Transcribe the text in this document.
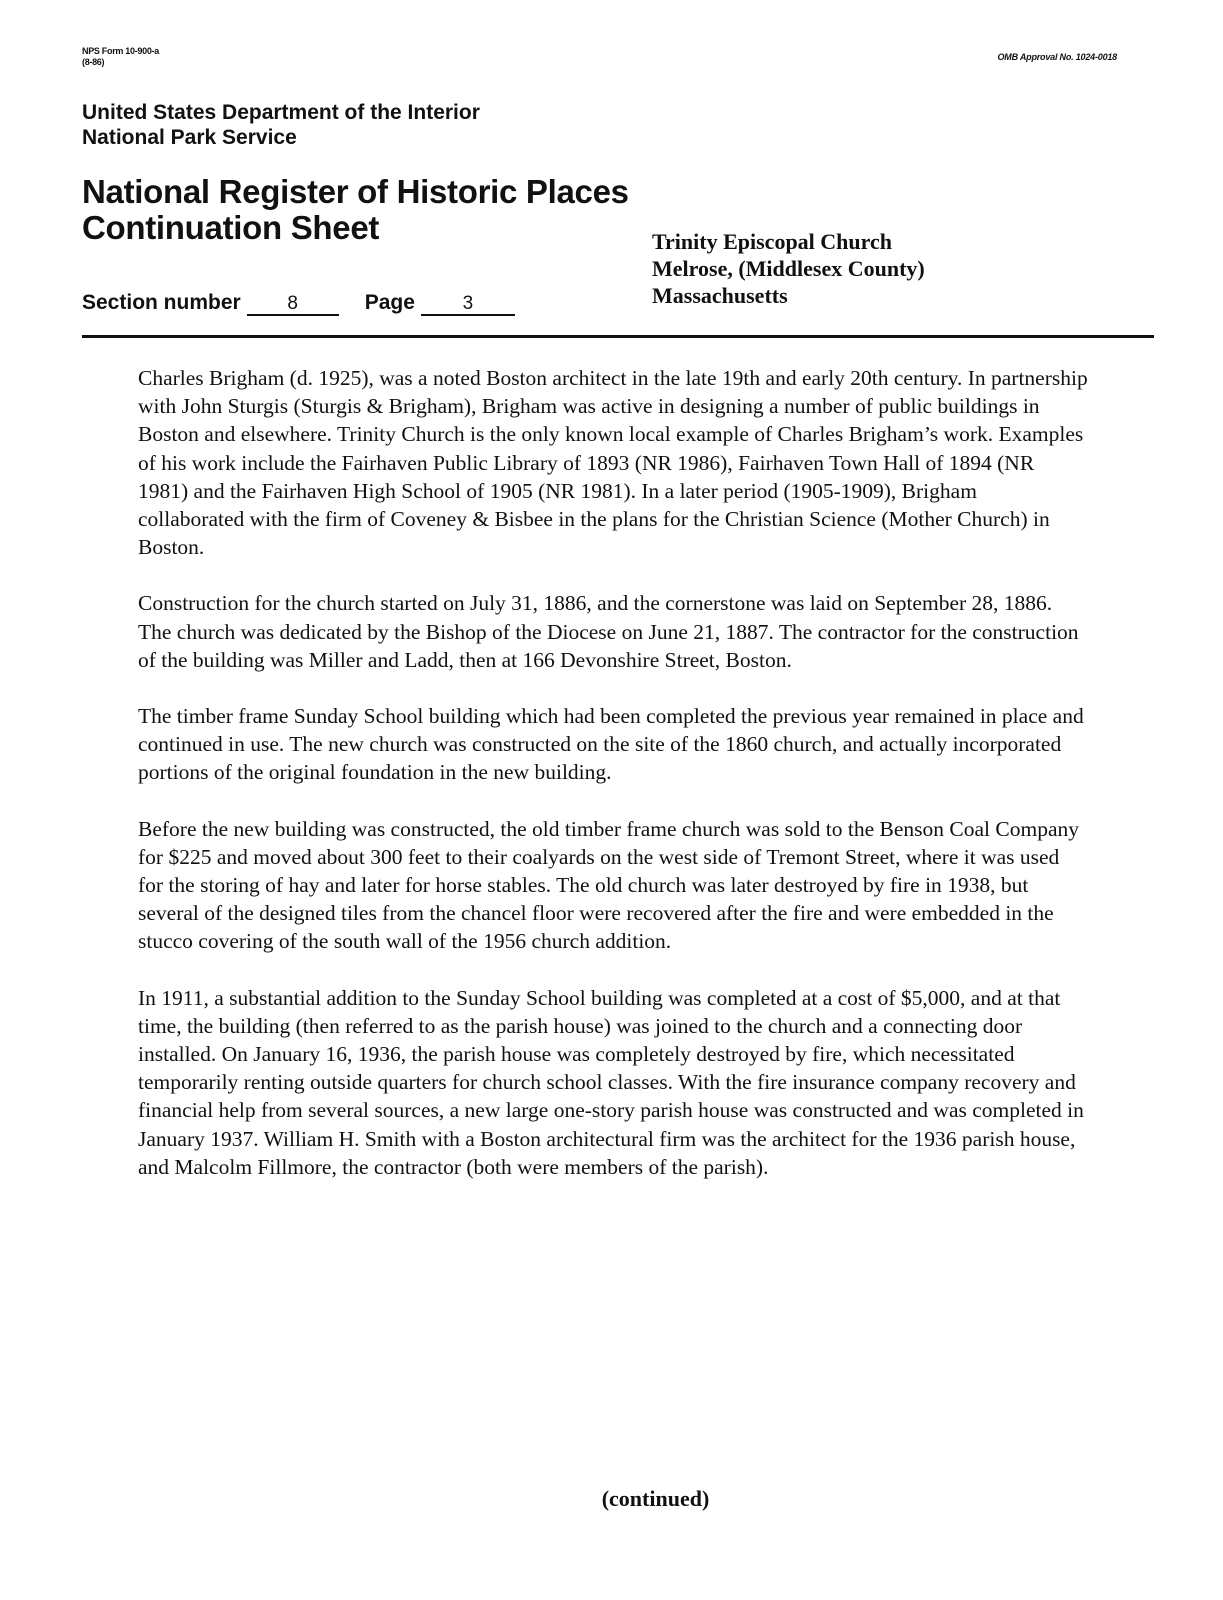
NPS Form 10-900-a
(8-86)	OMB Approval No. 1024-0018
United States Department of the Interior
National Park Service
National Register of Historic Places
Continuation Sheet	Trinity Episcopal Church
Melrose, (Middlesex County)
Massachusetts
Section number	8	Page	3

Charles Brigham (d. 1925), was a noted Boston architect in the late 19th and early 20th century. In partnership with John Sturgis (Sturgis & Brigham), Brigham was active in designing a number of public buildings in Boston and elsewhere. Trinity Church is the only known local example of Charles Brigham’s work. Examples of his work include the Fairhaven Public Library of 1893 (NR 1986), Fairhaven Town Hall of 1894 (NR 1981) and the Fairhaven High School of 1905 (NR 1981). In a later period (1905-1909), Brigham collaborated with the firm of Coveney & Bisbee in the plans for the Christian Science (Mother Church) in Boston.

Construction for the church started on July 31, 1886, and the cornerstone was laid on September 28, 1886. The church was dedicated by the Bishop of the Diocese on June 21, 1887. The contractor for the construction of the building was Miller and Ladd, then at 166 Devonshire Street, Boston.

The timber frame Sunday School building which had been completed the previous year remained in place and continued in use. The new church was constructed on the site of the 1860 church, and actually incorporated portions of the original foundation in the new building.

Before the new building was constructed, the old timber frame church was sold to the Benson Coal Company for $225 and moved about 300 feet to their coalyards on the west side of Tremont Street, where it was used for the storing of hay and later for horse stables. The old church was later destroyed by fire in 1938, but several of the designed tiles from the chancel floor were recovered after the fire and were embedded in the stucco covering of the south wall of the 1956 church addition.

In 1911, a substantial addition to the Sunday School building was completed at a cost of $5,000, and at that time, the building (then referred to as the parish house) was joined to the church and a connecting door installed. On January 16, 1936, the parish house was completely destroyed by fire, which necessitated temporarily renting outside quarters for church school classes. With the fire insurance company recovery and financial help from several sources, a new large one-story parish house was constructed and was completed in January 1937. William H. Smith with a Boston architectural firm was the architect for the 1936 parish house, and Malcolm Fillmore, the contractor (both were members of the parish).

(continued)
